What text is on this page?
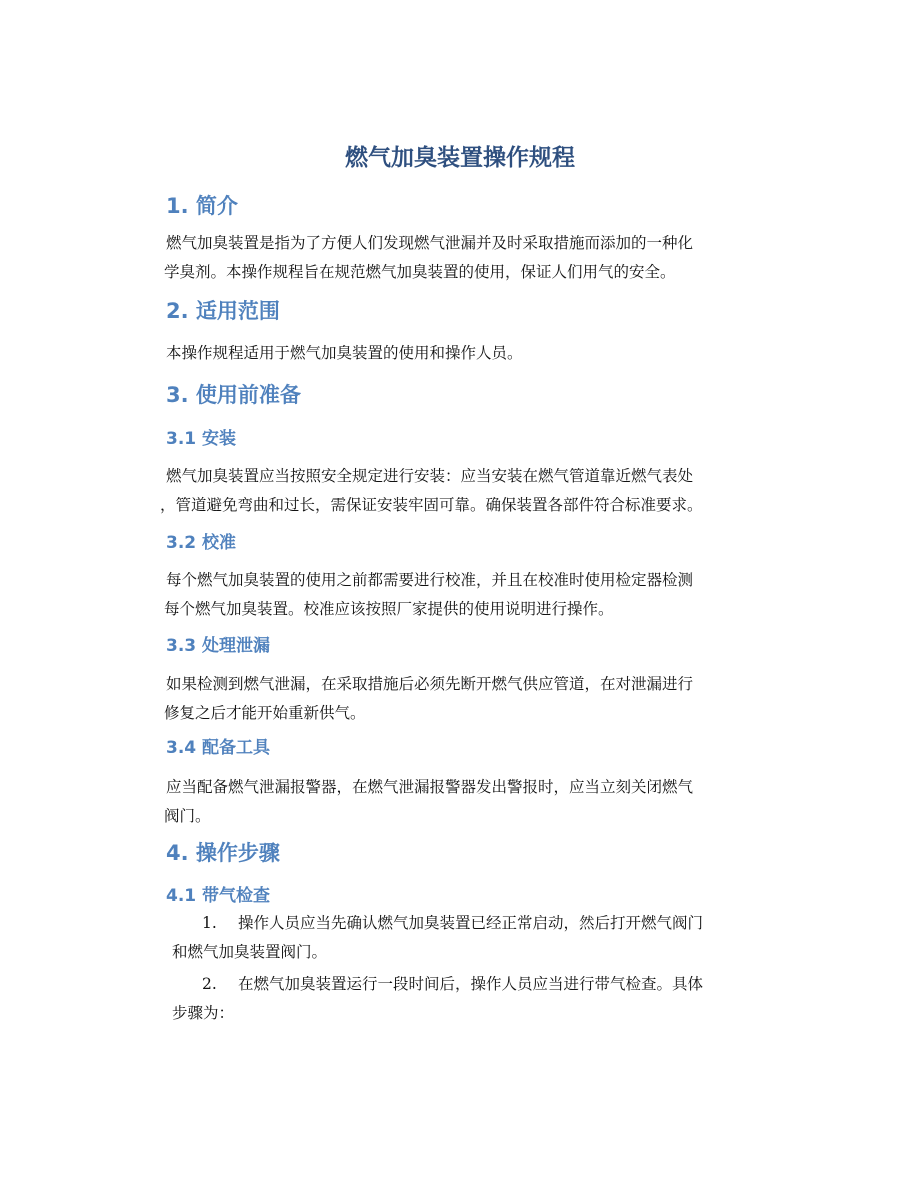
燃气加臭装置操作规程
1. 简介

燃气加臭装置是指为了方便人们发现燃气泄漏并及时采取措施而添加的一种化
学臭剂。本操作规程旨在规范燃气加臭装置的使用，保证人们用气的安全。

2. 适用范围

本操作规程适用于燃气加臭装置的使用和操作人员。

3. 使用前准备
3.1 安装

燃气加臭装置应当按照安全规定进行安装：应当安装在燃气管道靠近燃气表处
，管道避免弯曲和过长，需保证安装牢固可靠。确保装置各部件符合标准要求。

3.2 校准

每个燃气加臭装置的使用之前都需要进行校准，并且在校准时使用检定器检测
每个燃气加臭装置。校准应该按照厂家提供的使用说明进行操作。

3.3 处理泄漏

如果检测到燃气泄漏，在采取措施后必须先断开燃气供应管道，在对泄漏进行
修复之后才能开始重新供气。

3.4 配备工具

应当配备燃气泄漏报警器，在燃气泄漏报警器发出警报时，应当立刻关闭燃气
阀门。

4. 操作步骤
4.1 带气检查
1. 操作人员应当先确认燃气加臭装置已经正常启动，然后打开燃气阀门
和燃气加臭装置阀门。
2. 在燃气加臭装置运行一段时间后，操作人员应当进行带气检查。具体
步骤为：
